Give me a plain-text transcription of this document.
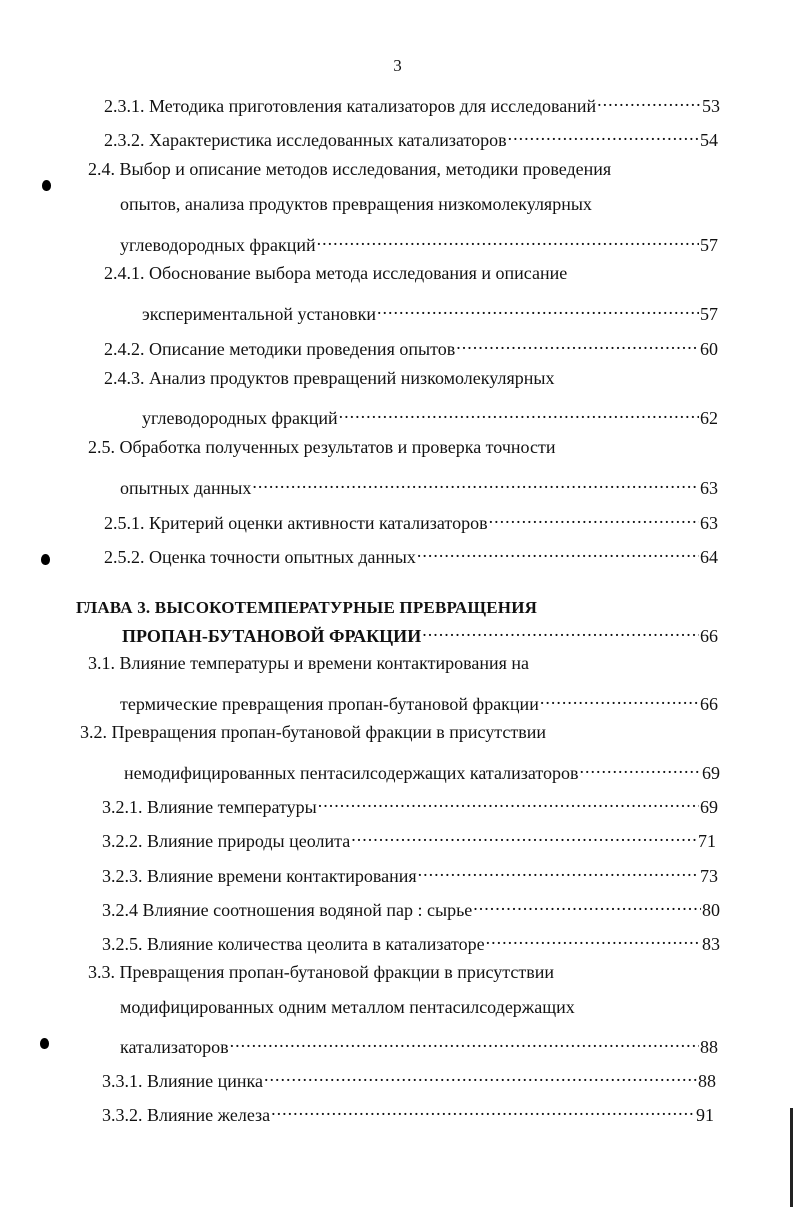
3
2.3.1. Методика приготовления катализаторов для исследований .....	53
2.3.2. Характеристика исследованных катализаторов .....	54
2.4. Выбор и описание методов исследования, методики проведения
опытов, анализа продуктов превращения низкомолекулярных
углеводородных фракций .....	57
2.4.1. Обоснование выбора метода исследования и описание
экспериментальной установки .....	57
2.4.2. Описание методики проведения опытов .....	60
2.4.3. Анализ продуктов превращений низкомолекулярных
углеводородных фракций .....	62
2.5. Обработка полученных результатов и проверка точности
опытных данных .....	63
2.5.1. Критерий оценки активности катализаторов .....	63
2.5.2. Оценка точности опытных данных .....	64
ГЛАВА 3. ВЫСОКОТЕМПЕРАТУРНЫЕ ПРЕВРАЩЕНИЯ
ПРОПАН-БУТАНОВОЙ ФРАКЦИИ .....	66
3.1. Влияние температуры и времени контактирования на
термические превращения пропан-бутановой фракции .....	66
3.2. Превращения пропан-бутановой фракции в присутствии
немодифицированных пентасилсодержащих катализаторов .....	69
3.2.1. Влияние температуры .....	69
3.2.2. Влияние природы цеолита .....	71
3.2.3. Влияние времени контактирования .....	73
3.2.4 Влияние соотношения водяной пар : сырье .....	80
3.2.5. Влияние количества цеолита в катализаторе .....	83
3.3. Превращения пропан-бутановой фракции в присутствии
модифицированных одним металлом пентасилсодержащих
катализаторов .....	88
3.3.1. Влияние цинка .....	88
3.3.2. Влияние железа .....	91
